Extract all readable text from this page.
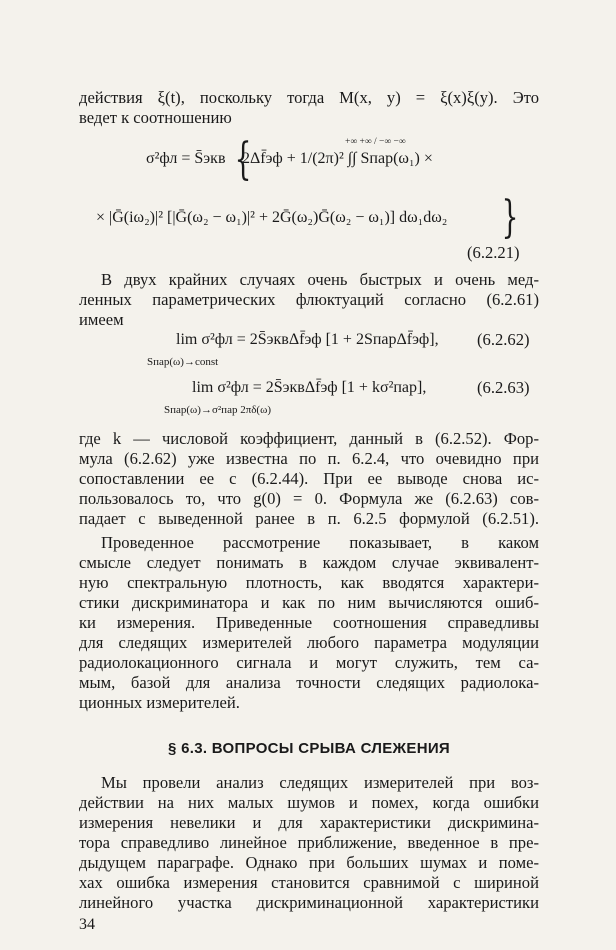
действия ξ(t), поскольку тогда M(x, y) = ξ(x)ξ(y). Это
ведет к соотношению
σ²фл = S̄экв {
2Δf̄эф + 1/(2π)² ∫∫ Sпар(ω₁) ×
+∞ +∞ / −∞ −∞
× |Ḡ(iω₂)|² [|Ḡ(ω₂ − ω₁)|² + 2Ḡ(ω₂)Ḡ(ω₂ − ω₁)] dω₁dω₂ }
(6.2.21)
В двух крайних случаях очень быстрых и очень мед-
ленных параметрических флюктуаций согласно (6.2.61)
имеем
lim σ²фл = 2S̄эквΔf̄эф [1 + 2SпарΔf̄эф],
Sпар(ω)→const
(6.2.62)
lim σ²фл = 2S̄эквΔf̄эф [1 + kσ²пар],
Sпар(ω)→σ²пар 2πδ(ω)
(6.2.63)
где k — числовой коэффициент, данный в (6.2.52). Фор-
мула (6.2.62) уже известна по п. 6.2.4, что очевидно при
сопоставлении ее с (6.2.44). При ее выводе снова ис-
пользовалось то, что g(0) = 0. Формула же (6.2.63) сов-
падает с выведенной ранее в п. 6.2.5 формулой (6.2.51).
Проведенное рассмотрение показывает, в каком
смысле следует понимать в каждом случае эквивалент-
ную спектральную плотность, как вводятся характери-
стики дискриминатора и как по ним вычисляются ошиб-
ки измерения. Приведенные соотношения справедливы
для следящих измерителей любого параметра модуляции
радиолокационного сигнала и могут служить, тем са-
мым, базой для анализа точности следящих радиолока-
ционных измерителей.
§ 6.3. ВОПРОСЫ СРЫВА СЛЕЖЕНИЯ
Мы провели анализ следящих измерителей при воз-
действии на них малых шумов и помех, когда ошибки
измерения невелики и для характеристики дискримина-
тора справедливо линейное приближение, введенное в пре-
дыдущем параграфе. Однако при больших шумах и поме-
хах ошибка измерения становится сравнимой с шириной
линейного участка дискриминационной характеристики
34
